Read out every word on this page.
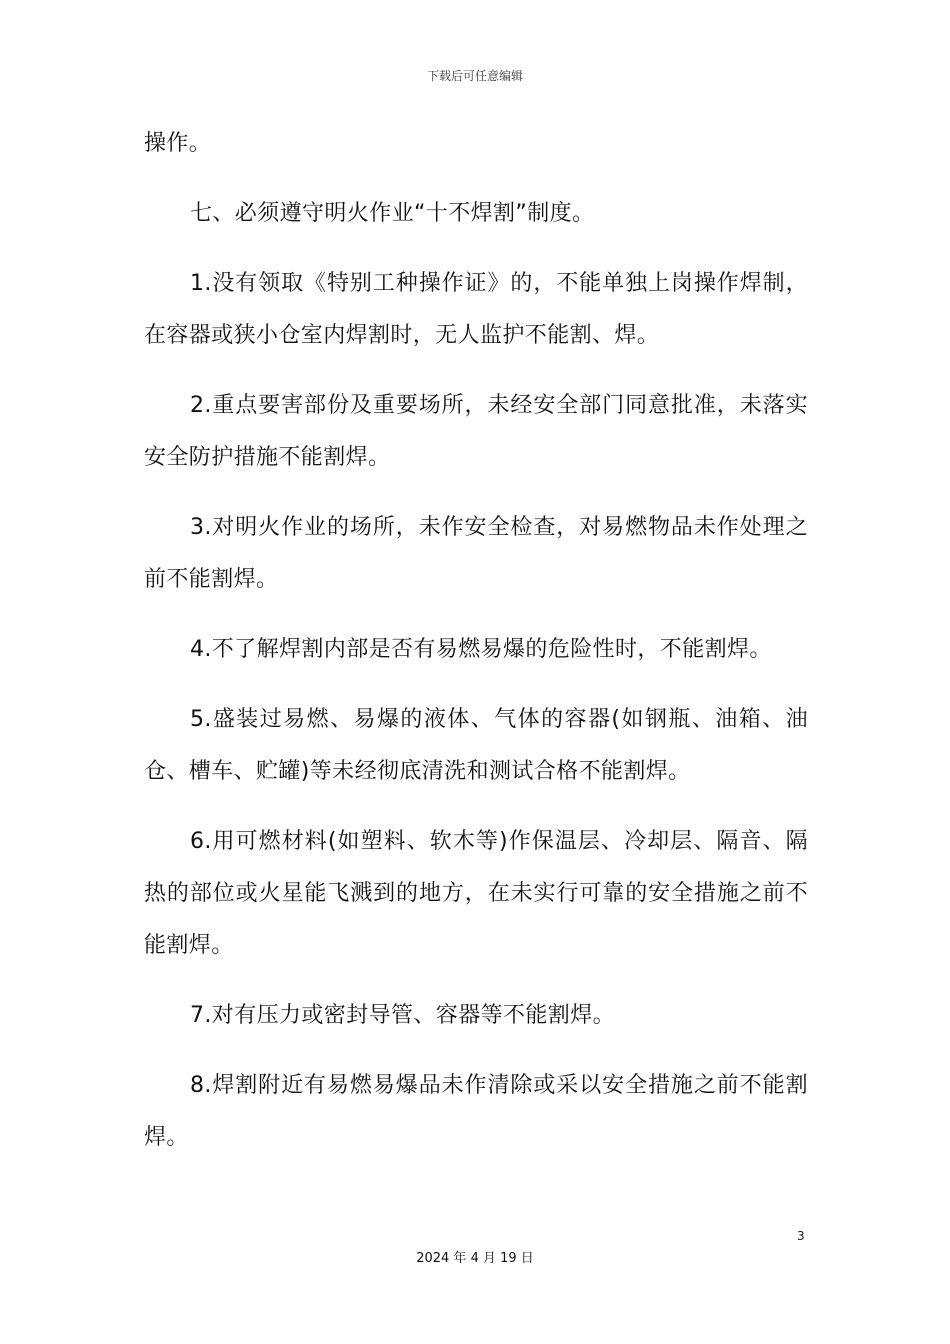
下载后可任意编辑

操作。

七、必须遵守明火作业“十不焊割”制度。

1.没有领取《特别工种操作证》的，不能单独上岗操作焊制，在容器或狭小仓室内焊割时，无人监护不能割、焊。

2.重点要害部份及重要场所，未经安全部门同意批准，未落实安全防护措施不能割焊。

3.对明火作业的场所，未作安全检查，对易燃物品未作处理之前不能割焊。

4.不了解焊割内部是否有易燃易爆的危险性时，不能割焊。

5.盛装过易燃、易爆的液体、气体的容器(如钢瓶、油箱、油仓、槽车、贮罐)等未经彻底清洗和测试合格不能割焊。

6.用可燃材料(如塑料、软木等)作保温层、冷却层、隔音、隔热的部位或火星能飞溅到的地方，在未实行可靠的安全措施之前不能割焊。

7.对有压力或密封导管、容器等不能割焊。

8.焊割附近有易燃易爆品未作清除或采以安全措施之前不能割焊。

3
2024 年 4 月 19 日
